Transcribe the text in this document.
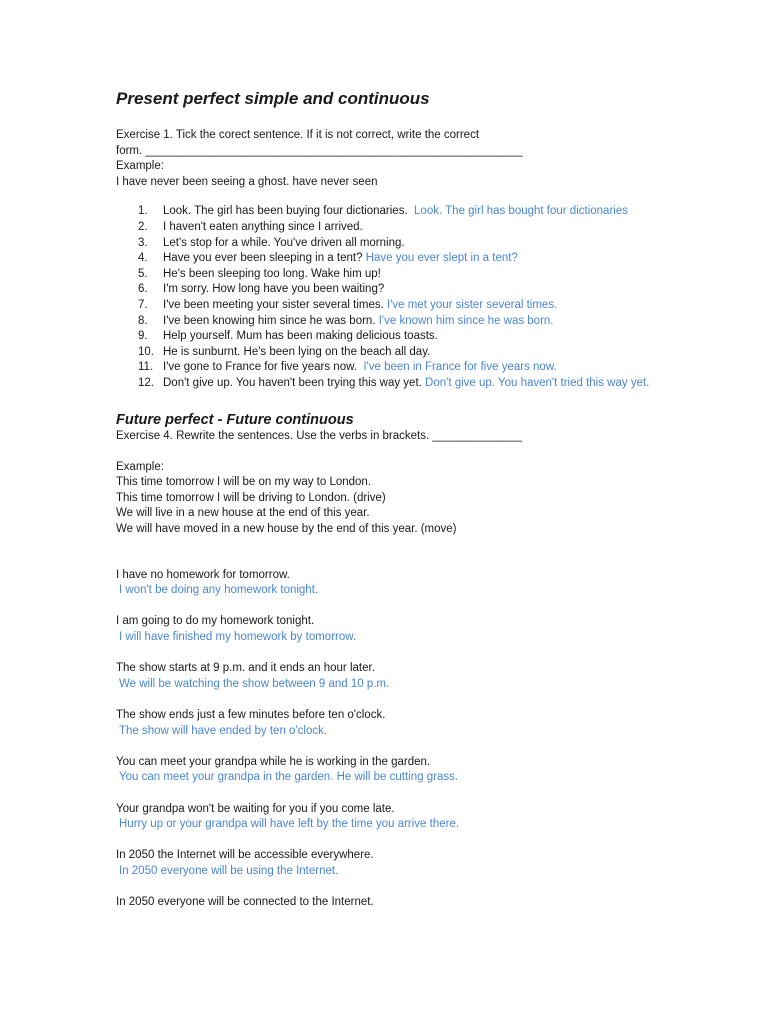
Present perfect simple and continuous
Exercise 1. Tick the corect sentence. If it is not correct, write the correct
form. ___________________________________________________________
Example:
I have never been seeing a ghost. have never seen
1.	Look. The girl has been buying four dictionaries. Look. The girl has bought four dictionaries
2.	I haven't eaten anything since I arrived.
3.	Let's stop for a while. You've driven all morning.
4.	Have you ever been sleeping in a tent? Have you ever slept in a tent?
5.	He's been sleeping too long. Wake him up!
6.	I'm sorry. How long have you been waiting?
7.	I've been meeting your sister several times. I've met your sister several times.
8.	I've been knowing him since he was born. I've known him since he was born.
9.	Help yourself. Mum has been making delicious toasts.
10. He is sunburnt. He's been lying on the beach all day.
11. I've gone to France for five years now. I've been in France for five years now.
12. Don't give up. You haven't been trying this way yet. Don't give up. You haven't tried this way yet.
Future perfect - Future continuous
Exercise 4. Rewrite the sentences. Use the verbs in brackets. ______________
Example:
This time tomorrow I will be on my way to London.
This time tomorrow I will be driving to London. (drive)
We will live in a new house at the end of this year.
We will have moved in a new house by the end of this year. (move)
I have no homework for tomorrow.
I won't be doing any homework tonight.
I am going to do my homework tonight.
I will have finished my homework by tomorrow.
The show starts at 9 p.m. and it ends an hour later.
We will be watching the show between 9 and 10 p.m.
The show ends just a few minutes before ten o'clock.
The show will have ended by ten o'clock.
You can meet your grandpa while he is working in the garden.
You can meet your grandpa in the garden. He will be cutting grass.
Your grandpa won't be waiting for you if you come late.
Hurry up or your grandpa will have left by the time you arrive there.
In 2050 the Internet will be accessible everywhere.
In 2050 everyone will be using the Internet.
In 2050 everyone will be connected to the Internet.
